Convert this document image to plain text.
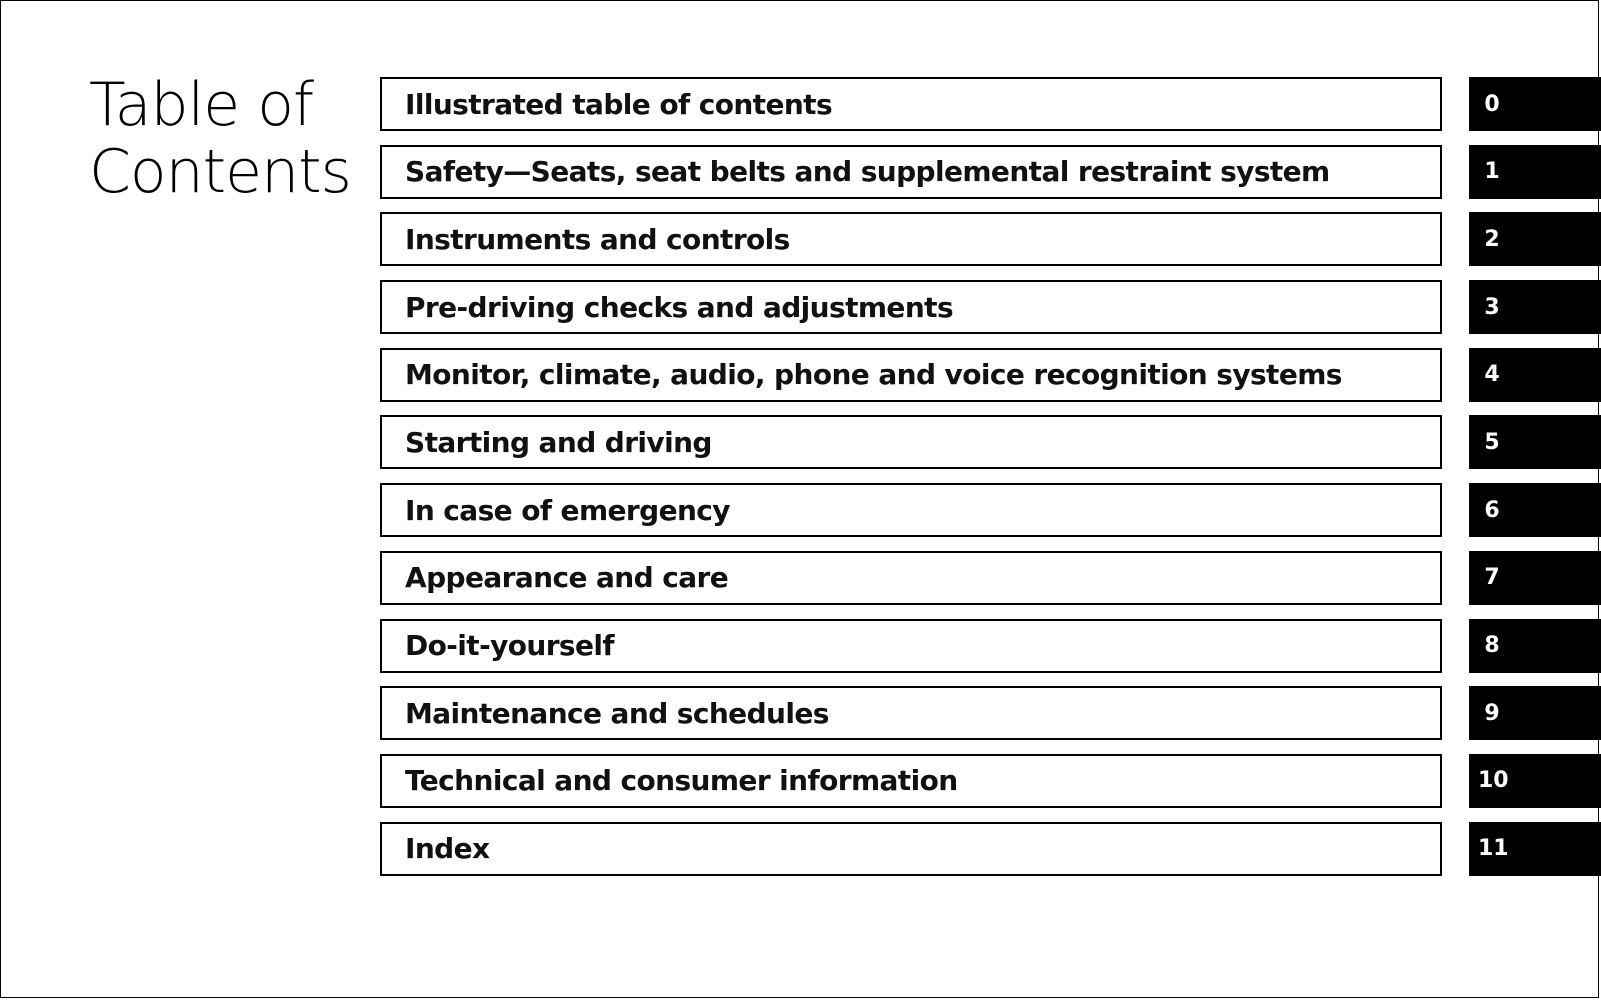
Table of
Contents
Illustrated table of contents	0
Safety—Seats, seat belts and supplemental restraint system	1
Instruments and controls	2
Pre-driving checks and adjustments	3
Monitor, climate, audio, phone and voice recognition systems	4
Starting and driving	5
In case of emergency	6
Appearance and care	7
Do-it-yourself	8
Maintenance and schedules	9
Technical and consumer information	10
Index	11
